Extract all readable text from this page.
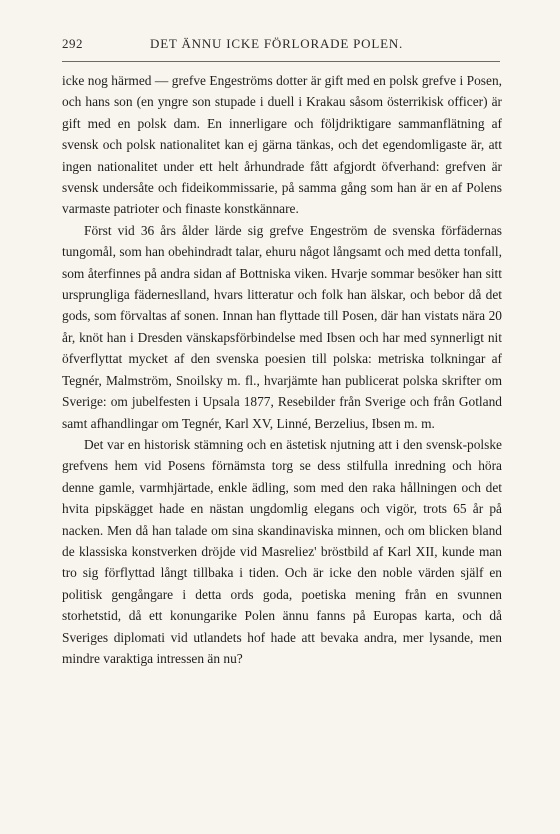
292	DET ÄNNU ICKE FÖRLORADE POLEN.

icke nog härmed — grefve Engeströms dotter är gift med en polsk grefve i Posen, och hans son (en yngre son stupade i duell i Krakau såsom österrikisk officer) är gift med en polsk dam. En innerligare och följdriktigare sammanflätning af svensk och polsk nationalitet kan ej gärna tänkas, och det egendomligaste är, att ingen nationalitet under ett helt århundrade fått afgjordt öfverhand: grefven är svensk undersåte och fideikommissarie, på samma gång som han är en af Polens varmaste patrioter och finaste konstkännare.

Först vid 36 års ålder lärde sig grefve Engeström de svenska förfädernas tungomål, som han obehindradt talar, ehuru något långsamt och med detta tonfall, som återfinnes på andra sidan af Bottniska viken. Hvarje sommar besöker han sitt ursprungliga fäderneslland, hvars litteratur och folk han älskar, och bebor då det gods, som förvaltas af sonen. Innan han flyttade till Posen, där han vistats nära 20 år, knöt han i Dresden vänskapsförbindelse med Ibsen och har med synnerligt nit öfverflyttat mycket af den svenska poesien till polska: metriska tolkningar af Tegnér, Malmström, Snoilsky m. fl., hvarjämte han publicerat polska skrifter om Sverige: om jubelfesten i Upsala 1877, Resebilder från Sverige och från Gotland samt afhandlingar om Tegnér, Karl XV, Linné, Berzelius, Ibsen m. m.

Det var en historisk stämning och en ästetisk njutning att i den svensk-polske grefvens hem vid Posens förnämsta torg se dess stilfulla inredning och höra denne gamle, varmhjärtade, enkle ädling, som med den raka hållningen och det hvita pipskägget hade en nästan ungdomlig elegans och vigör, trots 65 år på nacken. Men då han talade om sina skandinaviska minnen, och om blicken bland de klassiska konstverken dröjde vid Masreliez' bröstbild af Karl XII, kunde man tro sig förflyttad långt tillbaka i tiden. Och är icke den noble värden själf en politisk gengångare i detta ords goda, poetiska mening från en svunnen storhetstid, då ett konungarike Polen ännu fanns på Europas karta, och då Sveriges diplomati vid utlandets hof hade att bevaka andra, mer lysande, men mindre varaktiga intressen än nu?
